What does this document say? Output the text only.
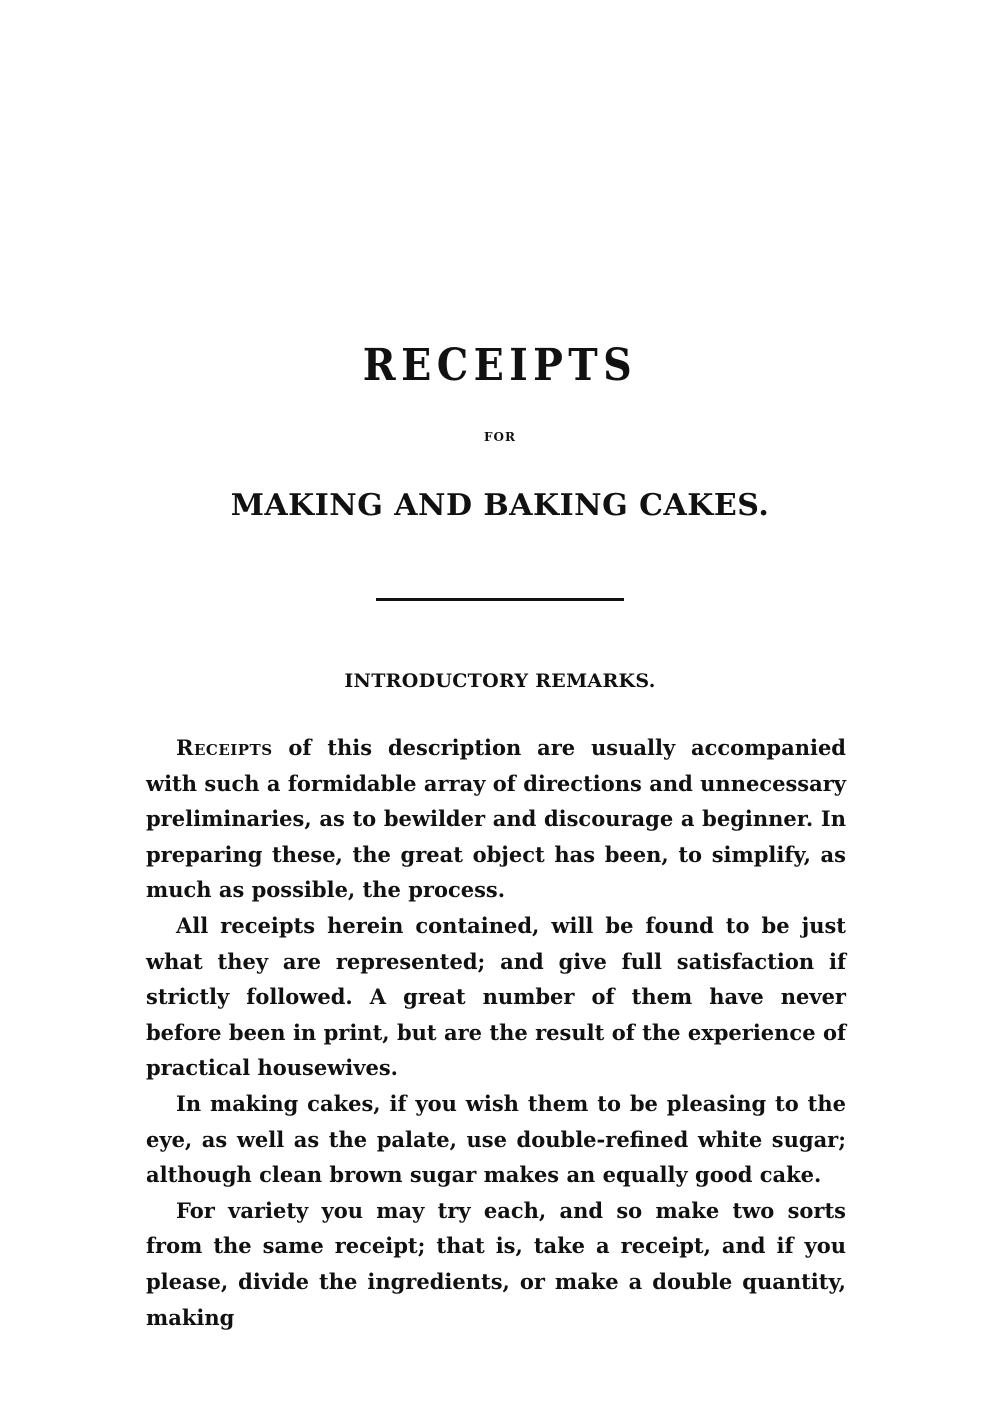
RECEIPTS
FOR
MAKING AND BAKING CAKES.
INTRODUCTORY REMARKS.

Receipts of this description are usually accompanied with such a formidable array of directions and unnecessary preliminaries, as to bewilder and discourage a beginner. In preparing these, the great object has been, to simplify, as much as possible, the process.

All receipts herein contained, will be found to be just what they are represented; and give full satisfaction if strictly followed. A great number of them have never before been in print, but are the result of the experience of practical housewives.

In making cakes, if you wish them to be pleasing to the eye, as well as the palate, use double-refined white sugar; although clean brown sugar makes an equally good cake.

For variety you may try each, and so make two sorts from the same receipt; that is, take a receipt, and if you please, divide the ingredients, or make a double quantity, making
